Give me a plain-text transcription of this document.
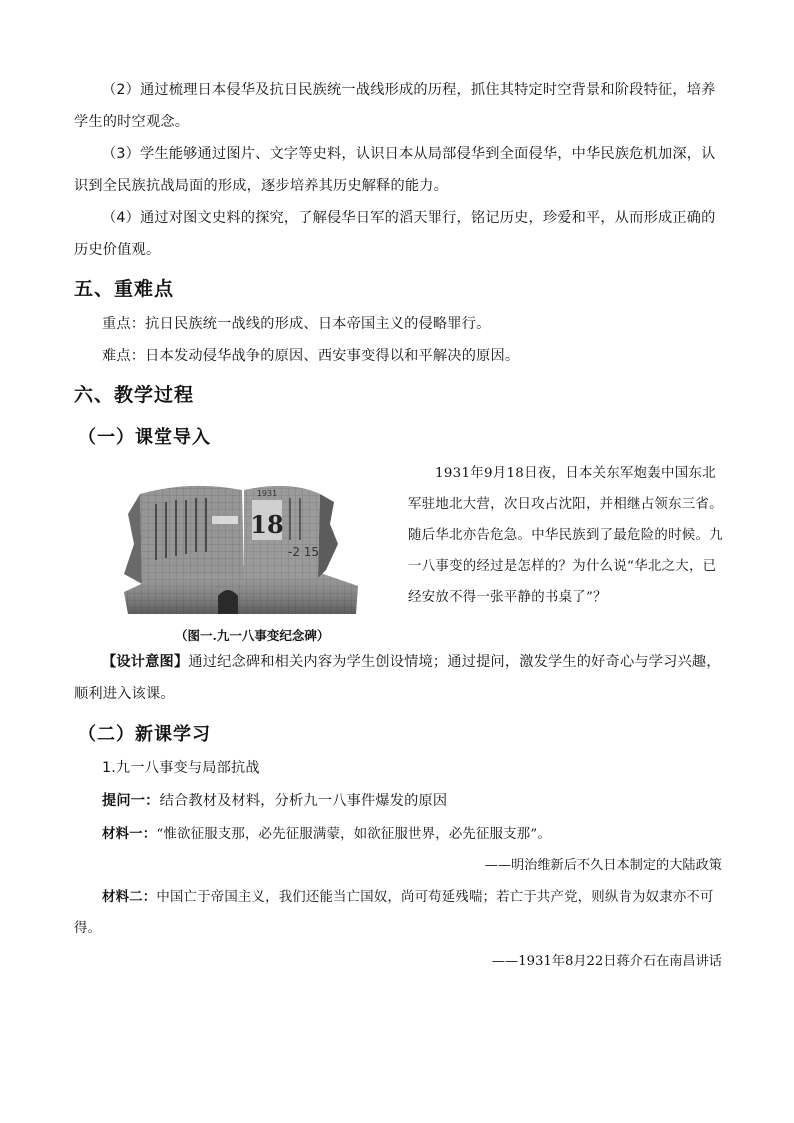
（2）通过梳理日本侵华及抗日民族统一战线形成的历程，抓住其特定时空背景和阶段特征，培养学生的时空观念。
（3）学生能够通过图片、文字等史料，认识日本从局部侵华到全面侵华，中华民族危机加深，认识到全民族抗战局面的形成，逐步培养其历史解释的能力。
（4）通过对图文史料的探究，了解侵华日军的滔天罪行，铭记历史，珍爱和平，从而形成正确的历史价值观。
五、重难点
重点：抗日民族统一战线的形成、日本帝国主义的侵略罪行。
难点：日本发动侵华战争的原因、西安事变得以和平解决的原因。
六、教学过程
（一）课堂导入
18
1931
-2 15
1931年9月18日夜，日本关东军炮轰中国东北军驻地北大营，次日攻占沈阳，并相继占领东三省。随后华北亦告危急。中华民族到了最危险的时候。九一八事变的经过是怎样的？为什么说“华北之大，已经安放不得一张平静的书桌了”？
（图一.九一八事变纪念碑）
【设计意图】通过纪念碑和相关内容为学生创设情境；通过提问，激发学生的好奇心与学习兴趣，顺利进入该课。
（二）新课学习
1.九一八事变与局部抗战
提问一：结合教材及材料，分析九一八事件爆发的原因
材料一：“惟欲征服支那，必先征服满蒙，如欲征服世界，必先征服支那”。
——明治维新后不久日本制定的大陆政策
材料二：中国亡于帝国主义，我们还能当亡国奴，尚可苟延残喘；若亡于共产党，则纵肯为奴隶亦不可得。
——1931年8月22日蒋介石在南昌讲话
